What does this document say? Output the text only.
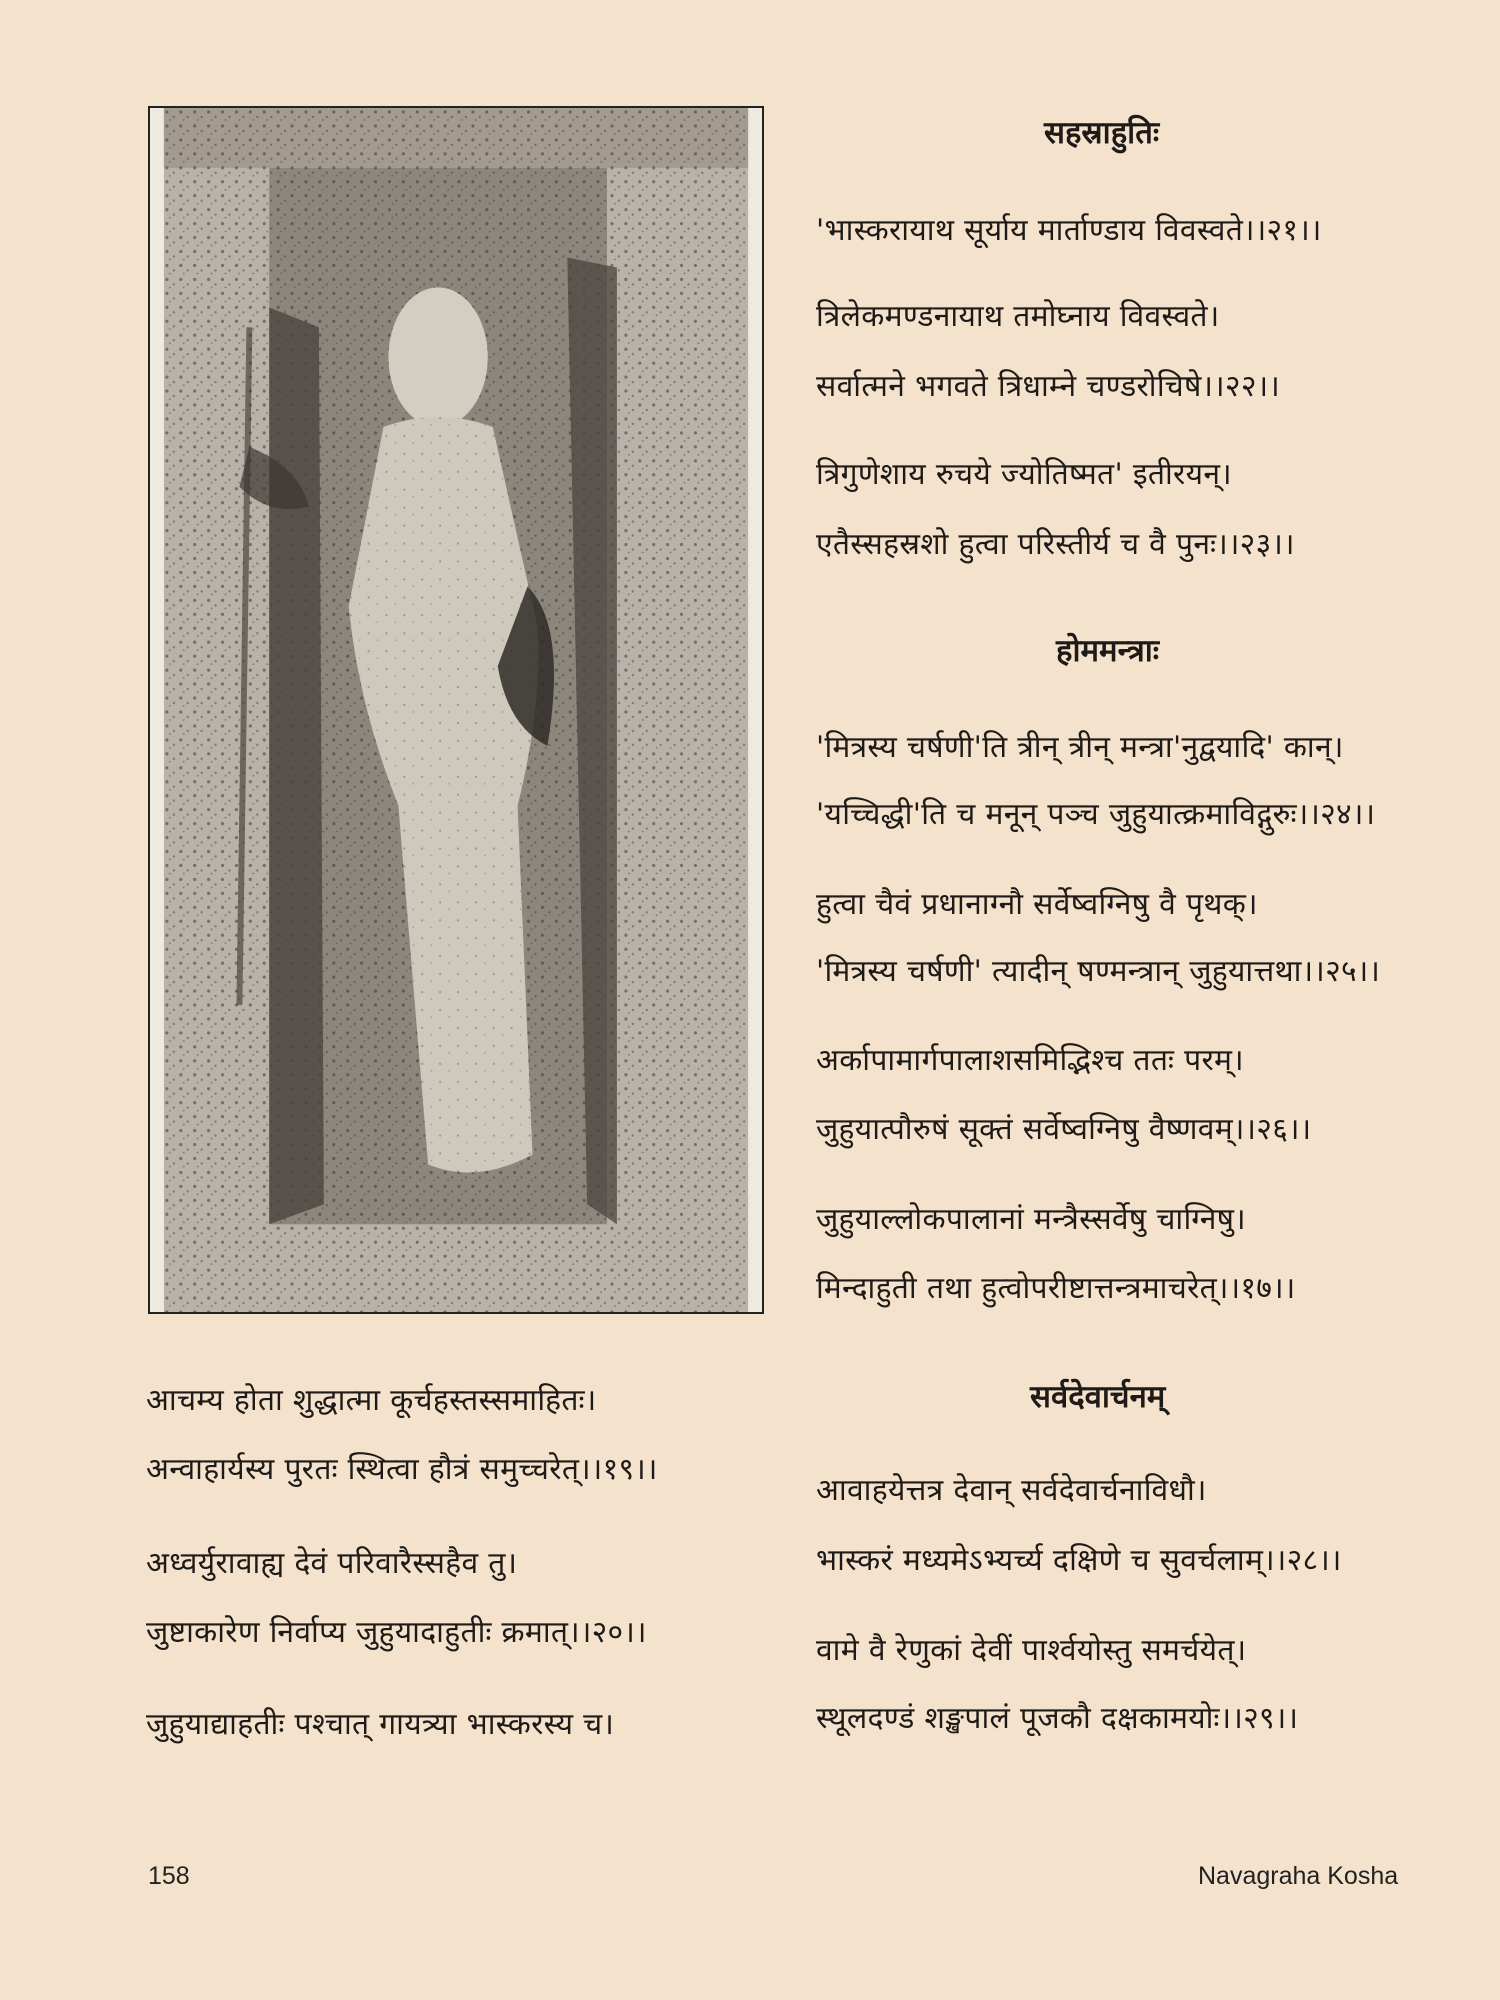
आचम्य होता शुद्धात्मा कूर्चहस्तस्समाहितः।
अन्वाहार्यस्य पुरतः स्थित्वा हौत्रं समुच्चरेत्।।१९।।
अध्वर्युरावाह्य देवं परिवारैस्सहैव तु।
जुष्टाकारेण निर्वाप्य जुहुयादाहुतीः क्रमात्।।२०।।
जुहुयाद्याहतीः पश्चात् गायत्र्या भास्करस्य च।
सहस्राहुतिः
'भास्करायाथ सूर्याय मार्ताण्डाय विवस्वते।।२१।।
त्रिलेकमण्डनायाथ तमोघ्नाय विवस्वते।
सर्वात्मने भगवते त्रिधाम्ने चण्डरोचिषे।।२२।।
त्रिगुणेशाय रुचये ज्योतिष्मत' इतीरयन्।
एतैस्सहस्रशो हुत्वा परिस्तीर्य च वै पुनः।।२३।।
होममन्त्राः
'मित्रस्य चर्षणी'ति त्रीन् त्रीन् मन्त्रा'नुद्वयादि' कान्।
'यच्चिद्धी'ति च मनून् पञ्च जुहुयात्क्रमाविद्गुरुः।।२४।।
हुत्वा चैवं प्रधानाग्नौ सर्वेष्वग्निषु वै पृथक्।
'मित्रस्य चर्षणी' त्यादीन् षण्मन्त्रान् जुहुयात्तथा।।२५।।
अर्कापामार्गपालाशसमिद्भिश्च ततः परम्।
जुहुयात्पौरुषं सूक्तं सर्वेष्वग्निषु वैष्णवम्।।२६।।
जुहुयाल्लोकपालानां मन्त्रैस्सर्वेषु चाग्निषु।
मिन्दाहुती तथा हुत्वोपरीष्टात्तन्त्रमाचरेत्।।१७।।
सर्वदेवार्चनम्
आवाहयेत्तत्र देवान् सर्वदेवार्चनाविधौ।
भास्करं मध्यमेऽभ्यर्च्य दक्षिणे च सुवर्चलाम्।।२८।।
वामे वै रेणुकां देवीं पार्श्वयोस्तु समर्चयेत्।
स्थूलदण्डं शङ्खपालं पूजकौ दक्षकामयोः।।२९।।
158	Navagraha Kosha
